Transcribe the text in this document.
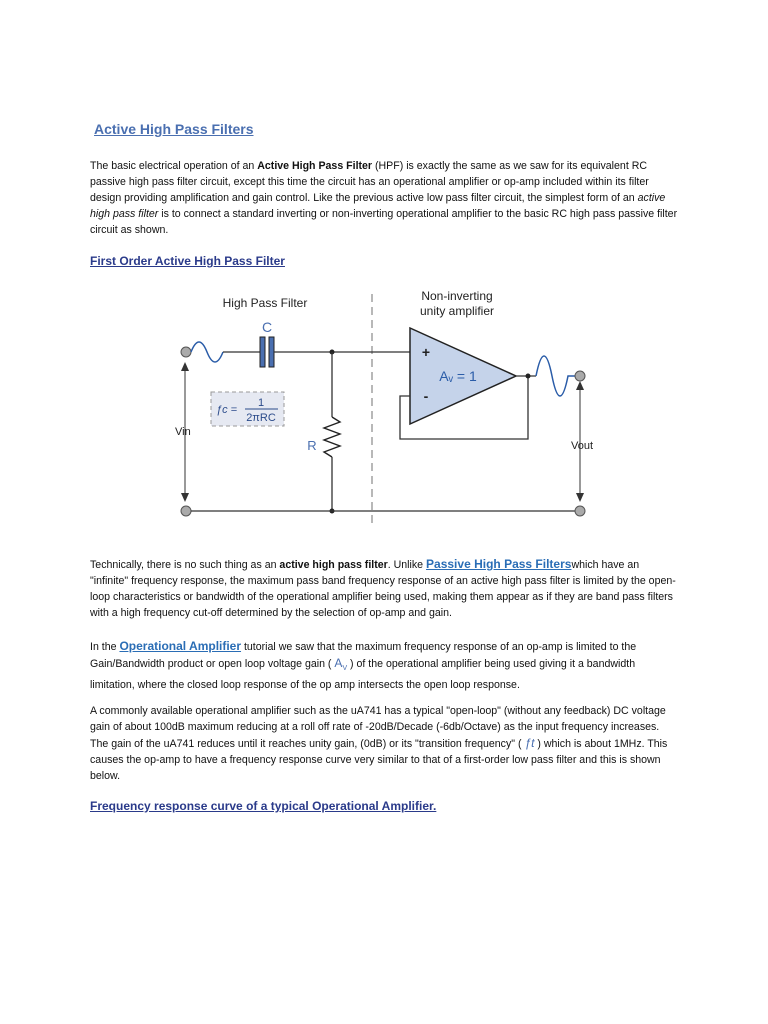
Active High Pass Filters

The basic electrical operation of an Active High Pass Filter (HPF) is exactly the same as we saw for its equivalent RC passive high pass filter circuit, except this time the circuit has an operational amplifier or op-amp included within its filter design providing amplification and gain control. Like the previous active low pass filter circuit, the simplest form of an active high pass filter is to connect a standard inverting or non-inverting operational amplifier to the basic RC high pass passive filter circuit as shown.

First Order Active High Pass Filter
High Pass Filter	Non-inverting
unity amplifier
C
R
ƒc =
1
2πRC
Vin
+
-
Aᵥ = 1
Vout

Technically, there is no such thing as an active high pass filter. Unlike Passive High Pass Filterswhich have an "infinite" frequency response, the maximum pass band frequency response of an active high pass filter is limited by the open-loop characteristics or bandwidth of the operational amplifier being used, making them appear as if they are band pass filters with a high frequency cut-off determined by the selection of op-amp and gain.

In the Operational Amplifier tutorial we saw that the maximum frequency response of an op-amp is limited to the Gain/Bandwidth product or open loop voltage gain ( $A_V$ ) of the operational amplifier being used giving it a bandwidth limitation, where the closed loop response of the op amp intersects the open loop response.

A commonly available operational amplifier such as the uA741 has a typical "open-loop" (without any feedback) DC voltage gain of about 100dB maximum reducing at a roll off rate of -20dB/Decade (-6db/Octave) as the input frequency increases. The gain of the uA741 reduces until it reaches unity gain, (0dB) or its "transition frequency" ( ƒt ) which is about 1MHz. This causes the op-amp to have a frequency response curve very similar to that of a first-order low pass filter and this is shown below.

Frequency response curve of a typical Operational Amplifier.
